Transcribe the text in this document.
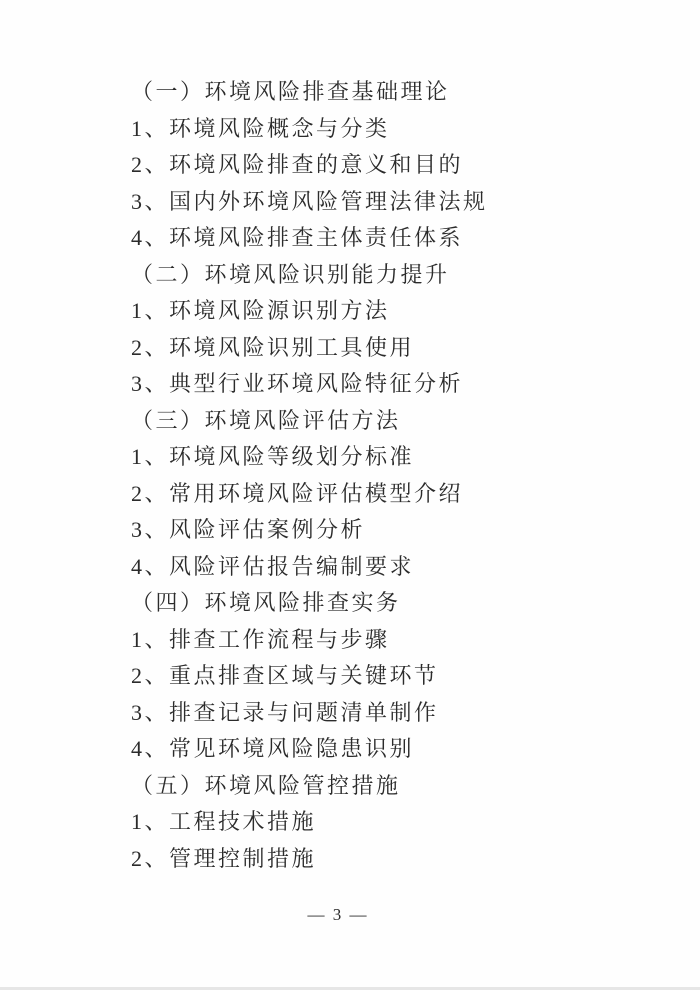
（一）环境风险排查基础理论

1、环境风险概念与分类

2、环境风险排查的意义和目的

3、国内外环境风险管理法律法规

4、环境风险排查主体责任体系

（二）环境风险识别能力提升

1、环境风险源识别方法

2、环境风险识别工具使用

3、典型行业环境风险特征分析

（三）环境风险评估方法

1、环境风险等级划分标准

2、常用环境风险评估模型介绍

3、风险评估案例分析

4、风险评估报告编制要求

（四）环境风险排查实务

1、排查工作流程与步骤

2、重点排查区域与关键环节

3、排查记录与问题清单制作

4、常见环境风险隐患识别

（五）环境风险管控措施

1、工程技术措施

2、管理控制措施

— 3 —
